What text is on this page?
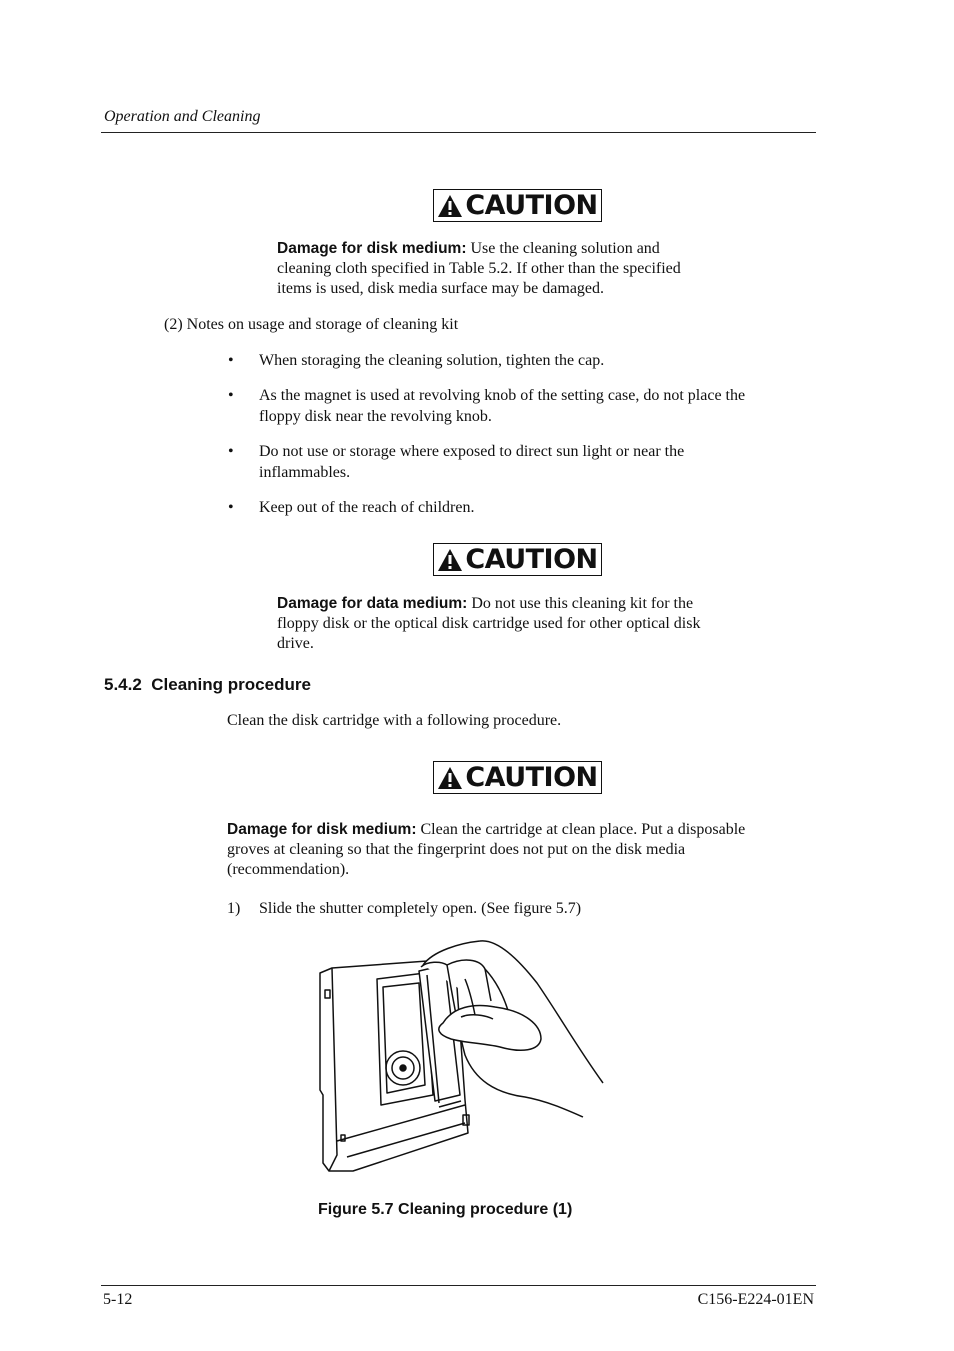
Operation and Cleaning
CAUTION
Damage for disk medium: Use the cleaning solution and
cleaning cloth specified in Table 5.2. If other than the specified
items is used, disk media surface may be damaged.
(2) Notes on usage and storage of cleaning kit
• When storaging the cleaning solution, tighten the cap.
• As the magnet is used at revolving knob of the setting case, do not place the
floppy disk near the revolving knob.
• Do not use or storage where exposed to direct sun light or near the
inflammables.
• Keep out of the reach of children.
CAUTION
Damage for data medium: Do not use this cleaning kit for the
floppy disk or the optical disk cartridge used for other optical disk
drive.
5.4.2 Cleaning procedure
Clean the disk cartridge with a following procedure.
CAUTION
Damage for disk medium: Clean the cartridge at clean place. Put a disposable
groves at cleaning so that the fingerprint does not put on the disk media
(recommendation).
1) Slide the shutter completely open. (See figure 5.7)
Figure 5.7 Cleaning procedure (1)
5-12	C156-E224-01EN
